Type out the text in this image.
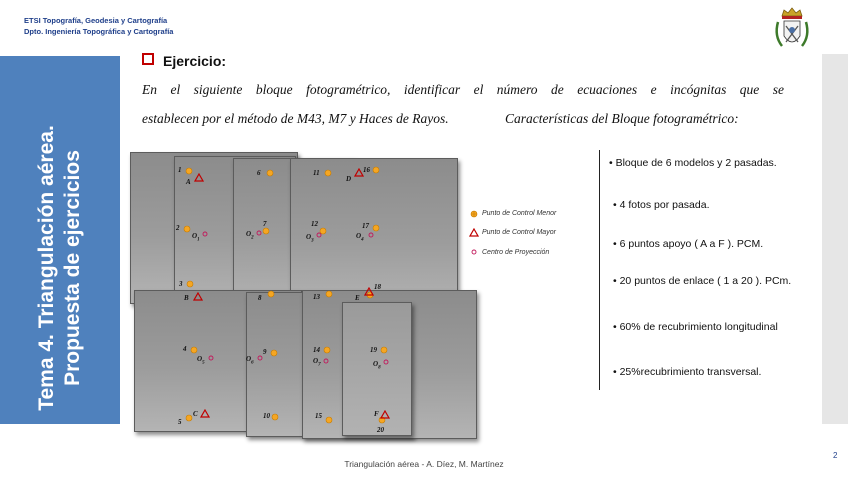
ETSI Topografía, Geodesia y Cartografía
Dpto. Ingeniería Topográfica y Cartografía
Tema 4. Triangulación aérea. Propuesta de ejercicios
Ejercicio:
En el siguiente bloque fotogramétrico, identificar el número de ecuaciones e incógnitas que se
establecen por el método de M43, M7 y Haces de Rayos.	Características del Bloque fotogramétrico:
1
2
3
4
5
6
7
8
9
10
11
12
13
14
15
16
17
18
19
20
A
B
C
D
E
F
$O_1$
$O_2$	$O_3$
$O_4$
$O_5$	$O_6$	$O_7$	$O_8$
Punto de Control Menor
Punto de Control Mayor
Centro de Proyección
• Bloque de 6 modelos y 2 pasadas.
• 4 fotos por pasada.
• 6 puntos apoyo ( A a F ). PCM.
• 20 puntos de enlace ( 1 a 20 ). PCm.
• 60% de recubrimiento longitudinal
• 25%recubrimiento transversal.
Triangulación aérea - A. Díez, M. Martínez
2
